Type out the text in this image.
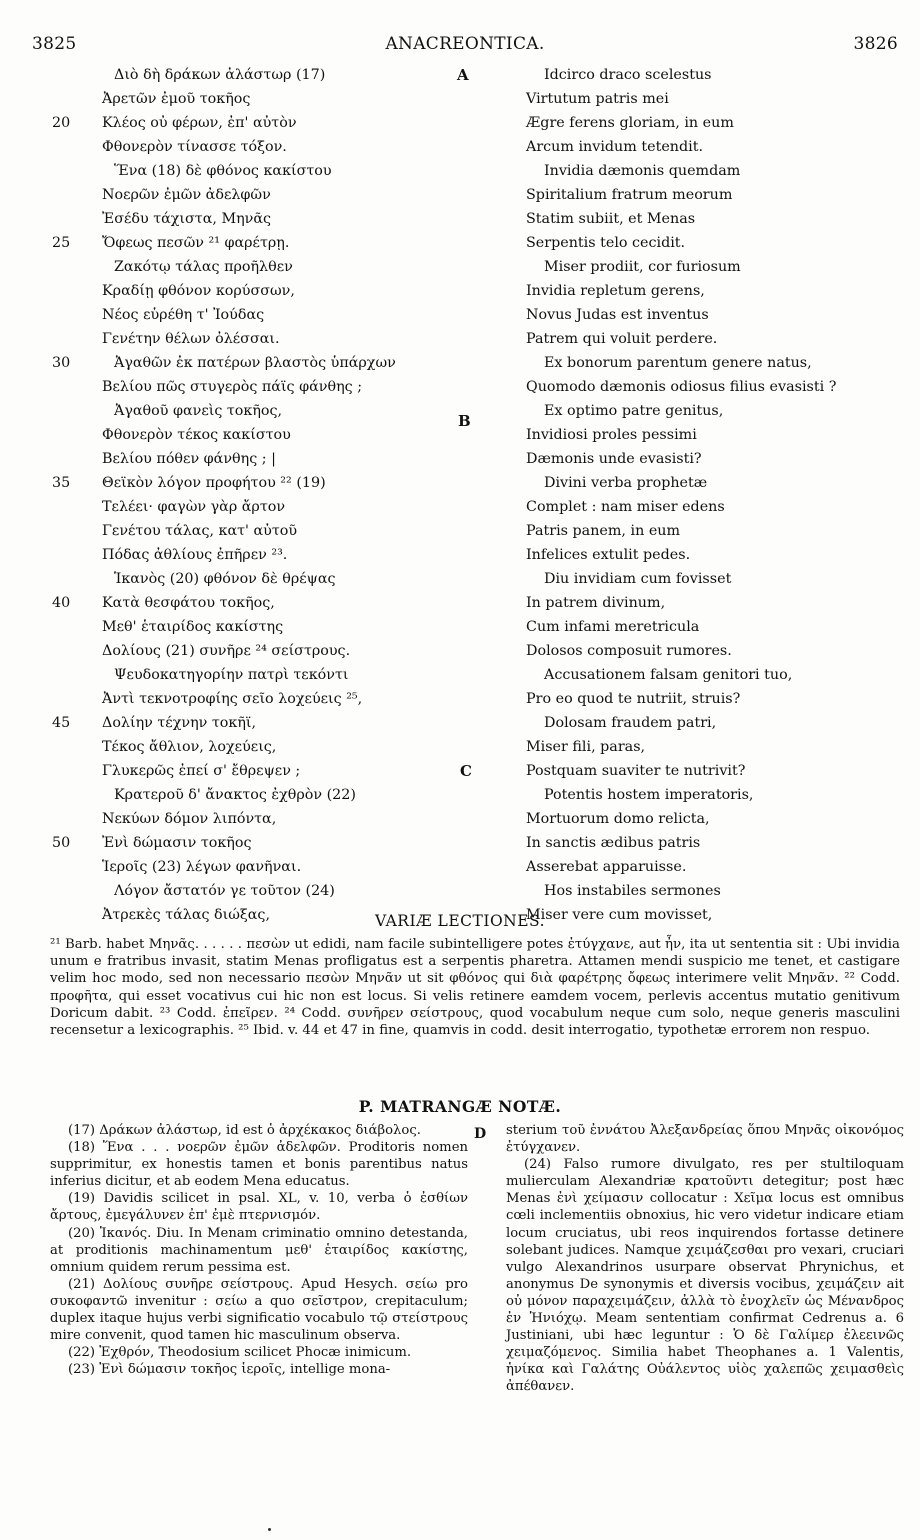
3825	ANACREONTICA.	3826
A
B
C
Διὸ δὴ δράκων ἀλάστωρ (17)
Ἀρετῶν ἐμοῦ τοκῆος
20 Κλέος οὐ φέρων, ἐπ' αὐτὸν
Φθονερὸν τίνασσε τόξον.
Ἕνα (18) δὲ φθόνος κακίστου
Νοερῶν ἐμῶν ἀδελφῶν
Ἐσέδυ τάχιστα, Μηνᾶς
25 Ὄφεως πεσῶν ²¹ φαρέτρῃ.
Ζακότῳ τάλας προῆλθεν
Κραδίῃ φθόνον κορύσσων,
Νέος εὑρέθη τ' Ἰούδας
Γενέτην θέλων ὀλέσσαι.
30	Ἀγαθῶν ἐκ πατέρων βλαστὸς ὑπάρχων
Βελίου πῶς στυγερὸς πάϊς φάνθης ;
Ἀγαθοῦ φανεὶς τοκῆος,
Φθονερὸν τέκος κακίστου
Βελίου πόθεν φάνθης ; |
35 Θεϊκὸν λόγον προφήτου ²² (19)
Τελέει· φαγὼν γὰρ ἄρτον
Γενέτου τάλας, κατ' αὐτοῦ
Πόδας ἀθλίους ἐπῆρεν ²³.
Ἱκανὸς (20) φθόνον δὲ θρέψας
40 Κατὰ θεσφάτου τοκῆος,
Μεθ' ἑταιρίδος κακίστης
Δολίους (21) συνῆρε ²⁴ σείστρους.
Ψευδοκατηγορίην πατρὶ τεκόντι
Ἀντὶ τεκνοτροφίης σεῖο λοχεύεις ²⁵,
45 Δολίην τέχνην τοκῆϊ,
Τέκος ἄθλιον, λοχεύεις,
Γλυκερῶς ἐπεί σ' ἔθρεψεν ;
Κρατεροῦ δ' ἄνακτος ἐχθρὸν (22)
Νεκύων δόμον λιπόντα,
50 Ἐνὶ δώμασιν τοκῆος
Ἱεροῖς (23) λέγων φανῆναι.
Λόγον ἄστατόν γε τοῦτον (24)
Ἀτρεκὲς τάλας διώξας,
Idcirco draco scelestus
Virtutum patris mei
Ægre ferens gloriam, in eum
Arcum invidum tetendit.
Invidia dæmonis quemdam
Spiritalium fratrum meorum
Statim subiit, et Menas
Serpentis telo cecidit.
Miser prodiit, cor furiosum
Invidia repletum gerens,
Novus Judas est inventus
Patrem qui voluit perdere.
Ex bonorum parentum genere natus,
Quomodo dæmonis odiosus filius evasisti ?
Ex optimo patre genitus,
Invidiosi proles pessimi
Dæmonis unde evasisti?
Divini verba prophetæ
Complet : nam miser edens
Patris panem, in eum
Infelices extulit pedes.
Diu invidiam cum fovisset
In patrem divinum,
Cum infami meretricula
Dolosos composuit rumores.
Accusationem falsam genitori tuo,
Pro eo quod te nutriit, struis?
Dolosam fraudem patri,
Miser fili, paras,
Postquam suaviter te nutrivit?
Potentis hostem imperatoris,
Mortuorum domo relicta,
In sanctis ædibus patris
Asserebat apparuisse.
Hos instabiles sermones
Miser vere cum movisset,
VARIÆ LECTIONES.

²¹ Barb. habet Μηνᾶς. . . . . . πεσὼν ut edidi, nam facile subintelligere potes ἐτύγχανε, aut ἦν, ita ut sententia sit : Ubi invidia unum e fratribus invasit, statim Menas profligatus est a serpentis pharetra. Attamen mendi suspicio me tenet, et castigare velim hoc modo, sed non necessario πεσὼν Μηνᾶν ut sit φθόνος qui διὰ φαρέτρης ὄφεως interimere velit Μηνᾶν. ²² Codd. προφῆτα, qui esset vocativus cui hic non est locus. Si velis retinere eamdem vocem, perlevis accentus mutatio genitivum Doricum dabit. ²³ Codd. ἐπεῖρεν. ²⁴ Codd. συνῆρεν σείστρους, quod vocabulum neque cum solo, neque generis masculini recensetur a lexicographis. ²⁵ Ibid. v. 44 et 47 in fine, quamvis in codd. desit interrogatio, typothetæ errorem non respuo.

P. MATRANGÆ NOTÆ.
D

(17) Δράκων ἀλάστωρ, id est ὁ ἀρχέκακος διάβολος.

(18) Ἕνα . . . νοερῶν ἐμῶν ἀδελφῶν. Proditoris nomen supprimitur, ex honestis tamen et bonis parentibus natus inferius dicitur, et ab eodem Mena educatus.

(19) Davidis scilicet in psal. XL, v. 10, verba ὁ ἐσθίων ἄρτους, ἐμεγάλυνεν ἐπ' ἐμὲ πτερνισμόν.

(20) Ἱκανός. Diu. In Menam criminatio omnino detestanda, at proditionis machinamentum μεθ' ἑταιρίδος κακίστης, omnium quidem rerum pessima est.

(21) Δολίους συνῆρε σείστρους. Apud Hesych. σείω pro συκοφαντῶ invenitur : σείω a quo σεῖστρον, crepitaculum; duplex itaque hujus verbi significatio vocabulo τῷ στείστρους mire convenit, quod tamen hic masculinum observa.

(22) Ἐχθρόν, Theodosium scilicet Phocæ inimicum.

(23) Ἐνὶ δώμασιν τοκῆος ἱεροῖς, intellige mona-

sterium τοῦ ἐννάτου Ἀλεξανδρείας ὅπου Μηνᾶς οἰκονόμος ἐτύγχανεν.

(24) Falso rumore divulgato, res per stultiloquam mulierculam Alexandriæ κρατοῦντι detegitur; post hæc Menas ἐνὶ χείμασιν collocatur : Χεῖμα locus est omnibus cœli inclementiis obnoxius, hic vero videtur indicare etiam locum cruciatus, ubi reos inquirendos fortasse detinere solebant judices. Namque χειμάζεσθαι pro vexari, cruciari vulgo Alexandrinos usurpare observat Phrynichus, et anonymus De synonymis et diversis vocibus, χειμάζειν ait οὐ μόνον παραχειμάζειν, ἀλλὰ τὸ ἐνοχλεῖν ὡς Μένανδρος ἐν Ἡνιόχῳ. Meam sententiam confirmat Cedrenus a. 6 Justiniani, ubi hæc leguntur : Ὁ δὲ Γαλίμερ ἐλεεινῶς χειμαζόμενος. Similia habet Theophanes a. 1 Valentis, ἡνίκα καὶ Γαλάτης Οὐάλεντος υἱὸς χαλεπῶς χειμασθεὶς ἀπέθανεν.
